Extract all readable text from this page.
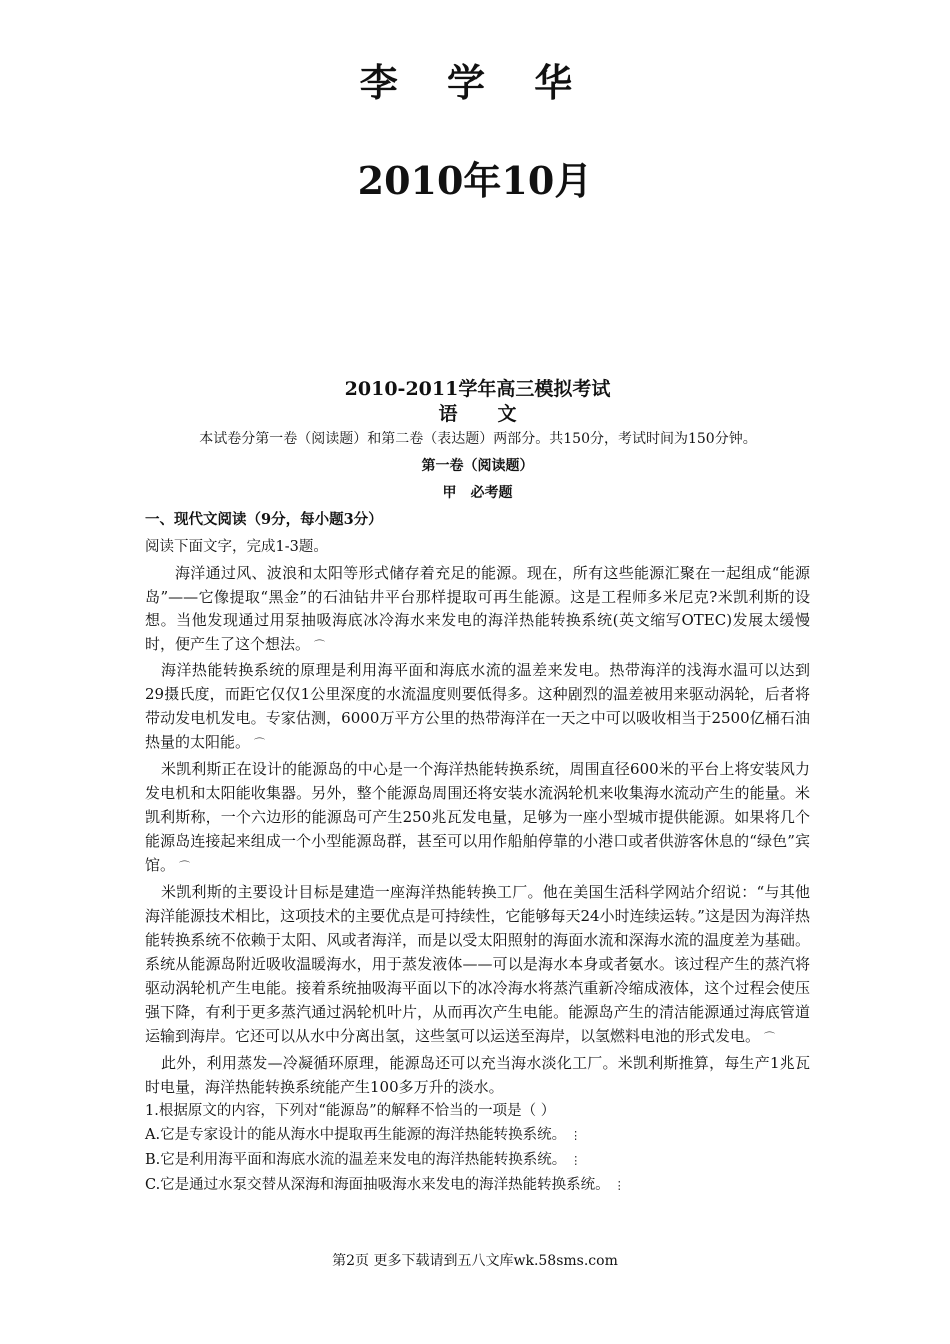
李 学 华
2010年10月
2010-2011学年高三模拟考试
语文
本试卷分第一卷（阅读题）和第二卷（表达题）两部分。共150分，考试时间为150分钟。
第一卷（阅读题）
甲　必考题
一、现代文阅读（9分，每小题3分）
阅读下面文字，完成1-3题。

海洋通过风、波浪和太阳等形式储存着充足的能源。现在，所有这些能源汇聚在一起组成“能源岛”——它像提取“黑金”的石油钻井平台那样提取可再生能源。这是工程师多米尼克?米凯利斯的设想。当他发现通过用泵抽吸海底冰冷海水来发电的海洋热能转换系统(英文缩写OTEC)发展太缓慢时，便产生了这个想法。 ⌒

海洋热能转换系统的原理是利用海平面和海底水流的温差来发电。热带海洋的浅海水温可以达到29摄氏度，而距它仅仅1公里深度的水流温度则要低得多。这种剧烈的温差被用来驱动涡轮，后者将带动发电机发电。专家估测，6000万平方公里的热带海洋在一天之中可以吸收相当于2500亿桶石油热量的太阳能。 ⌒

米凯利斯正在设计的能源岛的中心是一个海洋热能转换系统，周围直径600米的平台上将安装风力发电机和太阳能收集器。另外，整个能源岛周围还将安装水流涡轮机来收集海水流动产生的能量。米凯利斯称，一个六边形的能源岛可产生250兆瓦发电量，足够为一座小型城市提供能源。如果将几个能源岛连接起来组成一个小型能源岛群，甚至可以用作船舶停靠的小港口或者供游客休息的“绿色”宾馆。 ⌒

米凯利斯的主要设计目标是建造一座海洋热能转换工厂。他在美国生活科学网站介绍说：“与其他海洋能源技术相比，这项技术的主要优点是可持续性，它能够每天24小时连续运转。”这是因为海洋热能转换系统不依赖于太阳、风或者海洋，而是以受太阳照射的海面水流和深海水流的温度差为基础。系统从能源岛附近吸收温暖海水，用于蒸发液体——可以是海水本身或者氨水。该过程产生的蒸汽将驱动涡轮机产生电能。接着系统抽吸海平面以下的冰冷海水将蒸汽重新冷缩成液体，这个过程会使压强下降，有利于更多蒸汽通过涡轮机叶片，从而再次产生电能。能源岛产生的清洁能源通过海底管道运输到海岸。它还可以从水中分离出氢，这些氢可以运送至海岸，以氢燃料电池的形式发电。 ⌒

此外，利用蒸发—冷凝循环原理，能源岛还可以充当海水淡化工厂。米凯利斯推算，每生产1兆瓦时电量，海洋热能转换系统能产生100多万升的淡水。

1.根据原文的内容，下列对“能源岛”的解释不恰当的一项是（ ）

A.它是专家设计的能从海水中提取再生能源的海洋热能转换系统。 ⋮

B.它是利用海平面和海底水流的温差来发电的海洋热能转换系统。 ⋮

C.它是通过水泵交替从深海和海面抽吸海水来发电的海洋热能转换系统。 ⋮

第2页 更多下载请到五八文库wk.58sms.com
